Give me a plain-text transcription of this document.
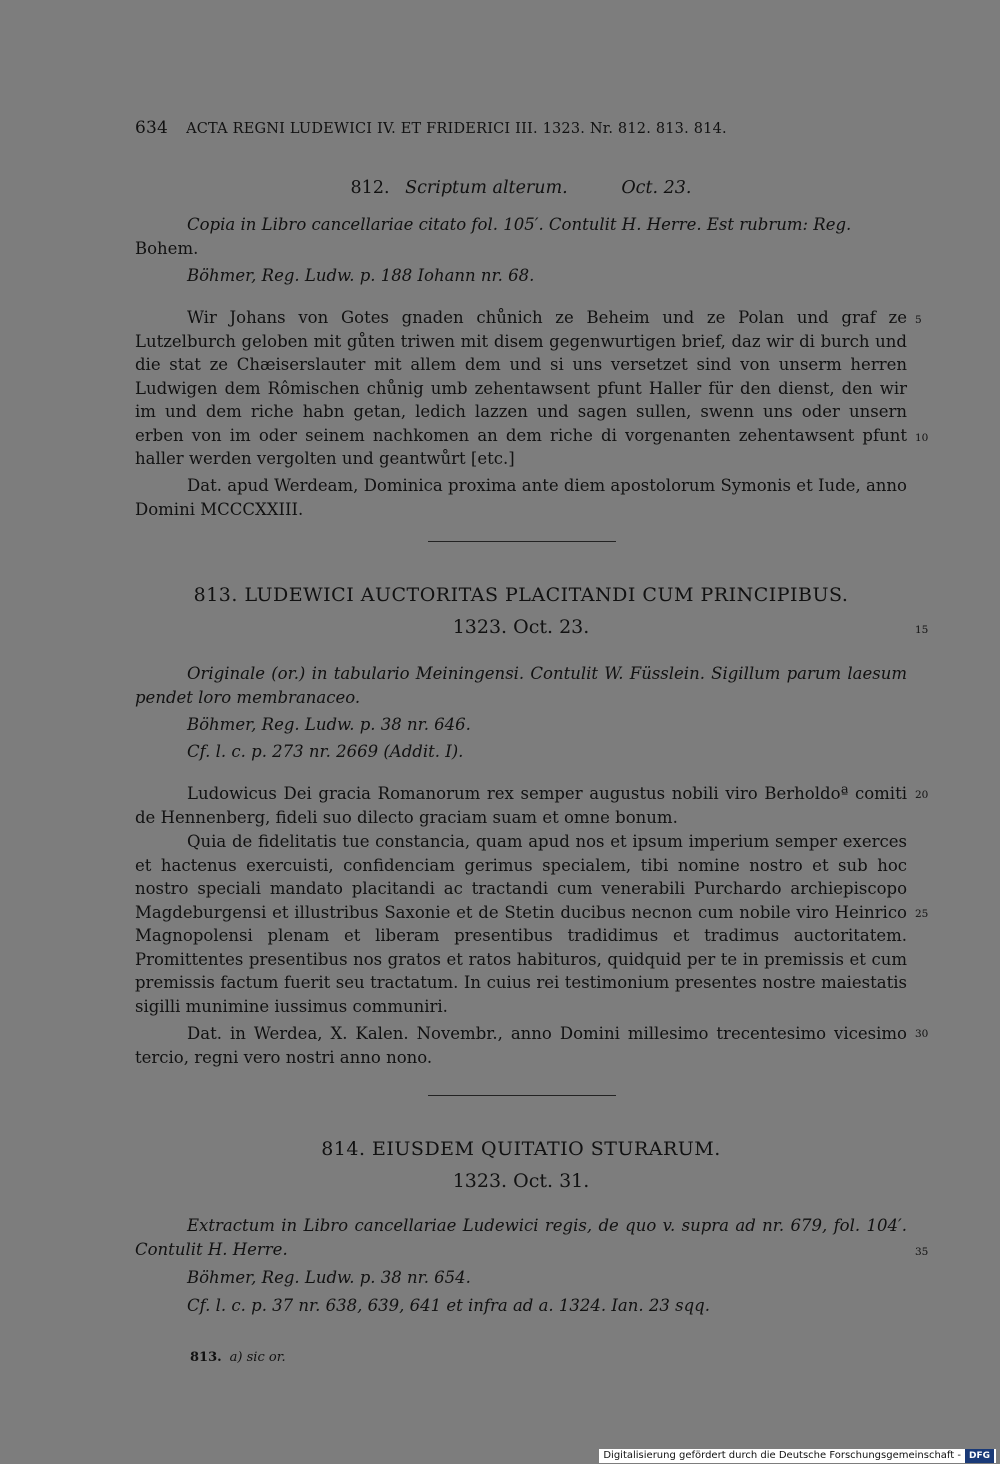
634 ACTA REGNI LUDEWICI IV. ET FRIDERICI III. 1323. Nr. 812. 813. 814.
812. Scriptum alterum.	Oct. 23.
Copia in Libro cancellariae citato fol. 105′. Contulit H. Herre. Est rubrum: Reg.
Bohem.
Böhmer, Reg. Ludw. p. 188 Iohann nr. 68.
Wir Johans von Gotes gnaden chůnich ze Beheim und ze Polan und graf ze Lutzelburch geloben mit gůten triwen mit disem gegenwurtigen brief, daz wir di burch und die stat ze Chæiserslauter mit allem dem und si uns versetzet sind von unserm herren Ludwigen dem Rômischen chůnig umb zehentawsent pfunt Haller für den dienst, den wir im und dem riche habn getan, ledich lazzen und sagen sullen, swenn uns oder unsern erben von im oder seinem nachkomen an dem riche di vorgenanten zehentawsent pfunt haller werden vergolten und geantwůrt [etc.]
Dat. apud Werdeam, Dominica proxima ante diem apostolorum Symonis et Iude, anno Domini MCCCXXIII.
813. LUDEWICI AUCTORITAS PLACITANDI CUM PRINCIPIBUS.
1323. Oct. 23.
Originale (or.) in tabulario Meiningensi. Contulit W. Füsslein. Sigillum parum laesum pendet loro membranaceo.
Böhmer, Reg. Ludw. p. 38 nr. 646.
Cf. l. c. p. 273 nr. 2669 (Addit. I).
Ludowicus Dei gracia Romanorum rex semper augustus nobili viro Berholdoª comiti de Hennenberg, fideli suo dilecto graciam suam et omne bonum.
Quia de fidelitatis tue constancia, quam apud nos et ipsum imperium semper exerces et hactenus exercuisti, confidenciam gerimus specialem, tibi nomine nostro et sub hoc nostro speciali mandato placitandi ac tractandi cum venerabili Purchardo archiepiscopo Magdeburgensi et illustribus Saxonie et de Stetin ducibus necnon cum nobile viro Heinrico Magnopolensi plenam et liberam presentibus tradidimus et tradimus auctoritatem. Promittentes presentibus nos gratos et ratos habituros, quidquid per te in premissis et cum premissis factum fuerit seu tractatum. In cuius rei testimonium presentes nostre maiestatis sigilli munimine iussimus communiri.
Dat. in Werdea, X. Kalen. Novembr., anno Domini millesimo trecentesimo vicesimo tercio, regni vero nostri anno nono.
814. EIUSDEM QUITATIO STURARUM.
1323. Oct. 31.
Extractum in Libro cancellariae Ludewici regis, de quo v. supra ad nr. 679, fol. 104′. Contulit H. Herre.
Böhmer, Reg. Ludw. p. 38 nr. 654.
Cf. l. c. p. 37 nr. 638, 639, 641 et infra ad a. 1324. Ian. 23 sqq.
813. a) sic or.
5
10
15
20
25
30
35
Digitalisierung gefördert durch die Deutsche Forschungsgemeinschaft - DFG
